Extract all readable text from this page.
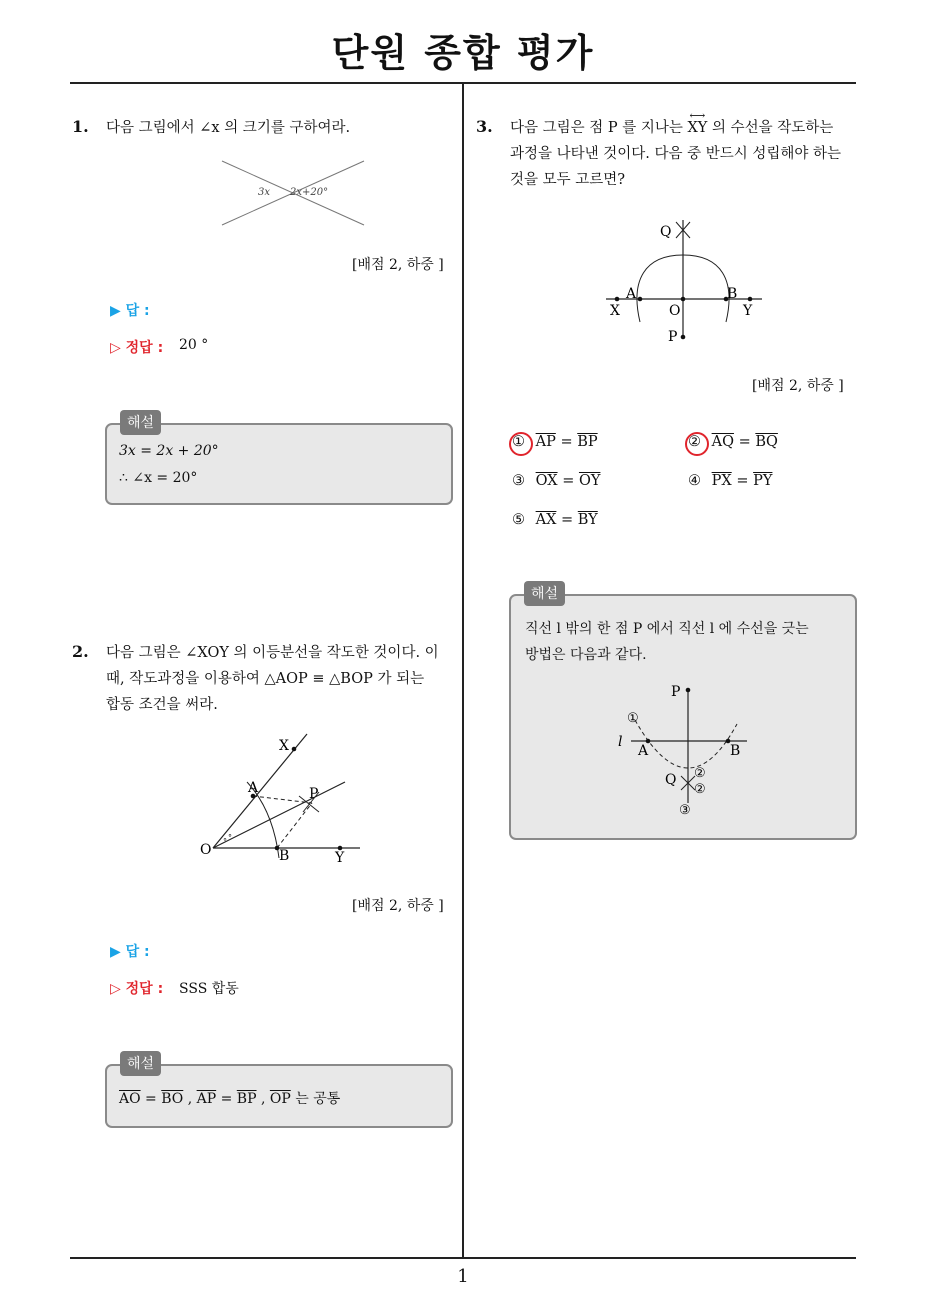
단원 종합 평가
1
1. 다음 그림에서 ∠x 의 크기를 구하여라.
3x 2x+20°
[배점 2, 하중 ]
▶ 답 :
▷ 정답 : 20 °
3x = 2x + 20°
∴ ∠x = 20°
해설
2. 다음 그림은 ∠XOY 의 이등분선을 작도한 것이다. 이
때, 작도과정을 이용하여 △AOP ≡ △BOP 가 되는
합동 조건을 써라.
° °
X
A	P
O	B	Y
[배점 2, 하중 ]
▶ 답 :
▷ 정답 : SSS 합동
$\overline{AO} = \overline{BO}$ , $\overline{AP} = \overline{BP}$ , $\overline{OP}$ 는 공통
해설
3. 다음 그림은 점 P 를 지나는
⟷
XY 의 수선을 작도하는
과정을 나타낸 것이다. 다음 중 반드시 성립해야 하는
것을 모두 고르면?
Q
A	B
X	O	Y
P
[배점 2, 하중 ]
① $\overline{AP} = \overline{BP}$	② $\overline{AQ} = \overline{BQ}$
③ $\overline{OX} = \overline{OY}$	④ $\overline{PX} = \overline{PY}$
⑤ $\overline{AX} = \overline{BY}$
직선 l 밖의 한 점 P 에서 직선 l 에 수선을 긋는
방법은 다음과 같다.
해설
P
①
l
A	B
Q ②
②
③
